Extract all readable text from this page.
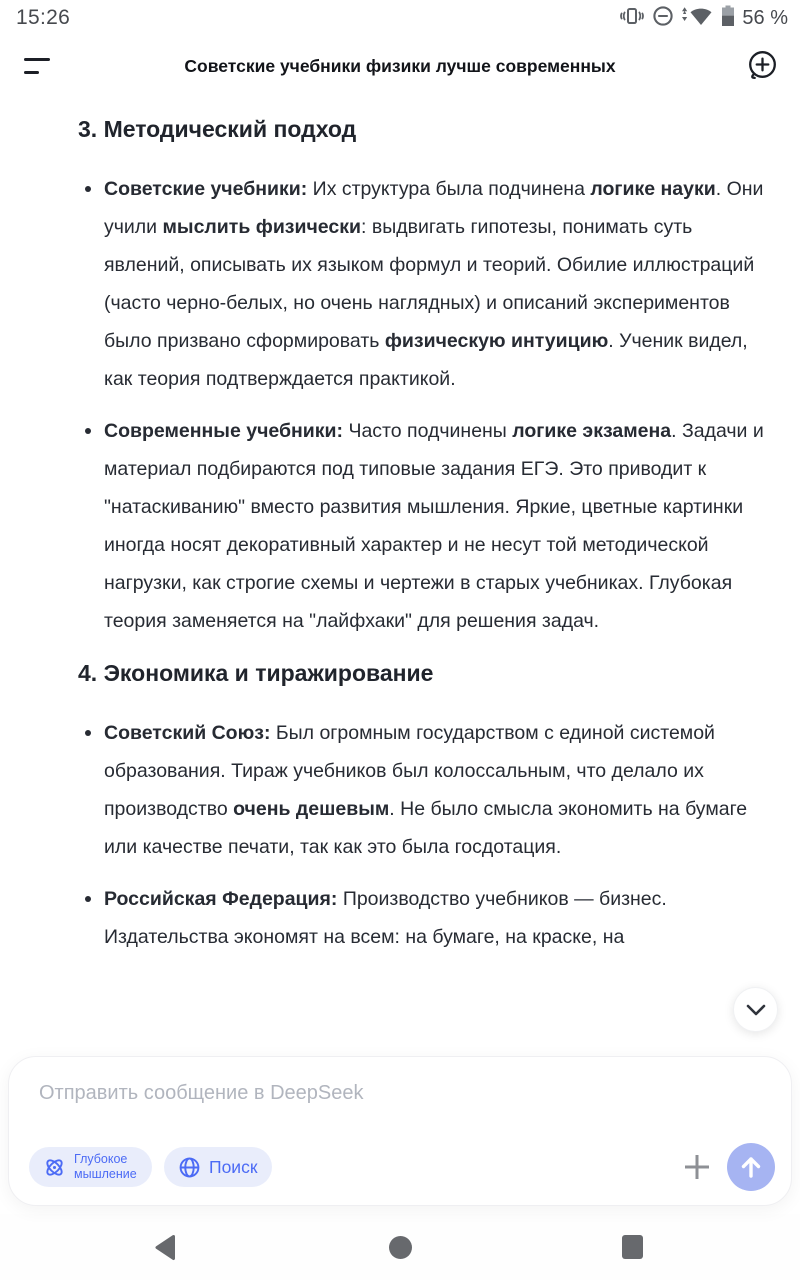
15:26	56 %
Советские учебники физики лучше современных
3. Методический подход
Советские учебники: Их структура была подчинена логике науки. Они учили мыслить физически: выдвигать гипотезы, понимать суть явлений, описывать их языком формул и теорий. Обилие иллюстраций (часто черно-белых, но очень наглядных) и описаний экспериментов было призвано сформировать физическую интуицию. Ученик видел, как теория подтверждается практикой.
Современные учебники: Часто подчинены логике экзамена. Задачи и материал подбираются под типовые задания ЕГЭ. Это приводит к "натаскиванию" вместо развития мышления. Яркие, цветные картинки иногда носят декоративный характер и не несут той методической нагрузки, как строгие схемы и чертежи в старых учебниках. Глубокая теория заменяется на "лайфхаки" для решения задач.
4. Экономика и тиражирование
Советский Союз: Был огромным государством с единой системой образования. Тираж учебников был колоссальным, что делало их производство очень дешевым. Не было смысла экономить на бумаге или качестве печати, так как это была госдотация.
Российская Федерация: Производство учебников — бизнес. Издательства экономят на всем: на бумаге, на краске, на
Отправить сообщение в DeepSeek
Глубокое мышление	Поиск
